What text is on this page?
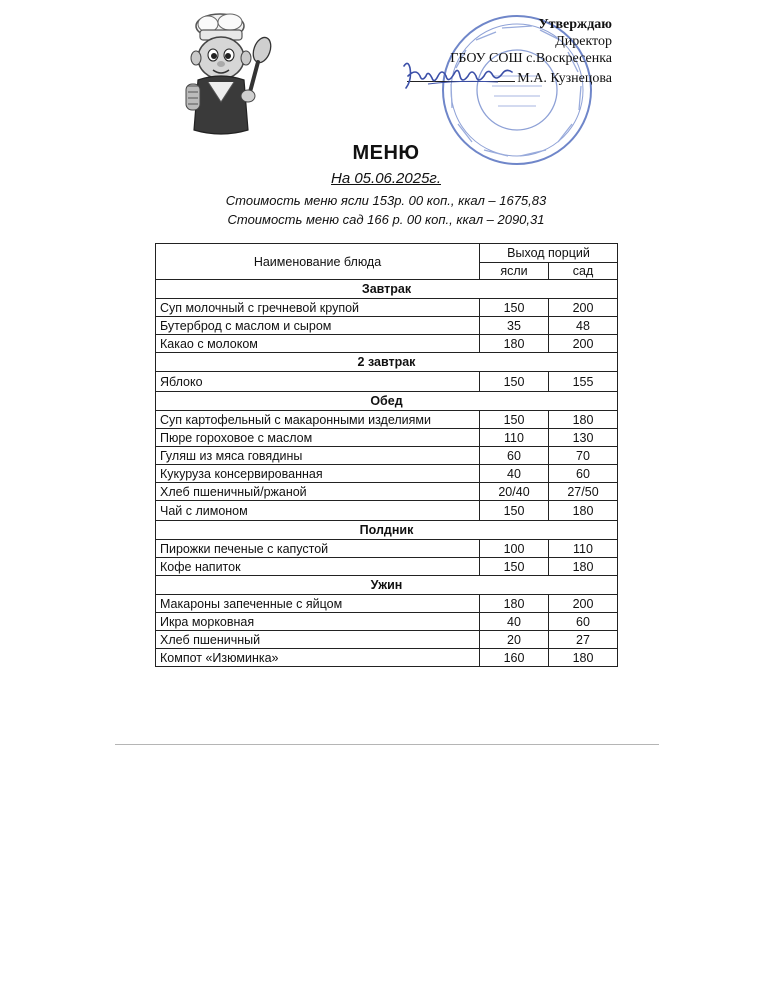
Утверждаю
Директор
ГБОУ СОШ с.Воскресенка
М.А. Кузнецова
МЕНЮ
На 05.06.2025г.
Стоимость меню ясли 153р. 00 коп., ккал – 1675,83
Стоимость меню сад 166 р. 00 коп., ккал – 2090,31
Наименование блюда	Выход порций	
	ясли	сад
Завтрак		
Суп молочный с гречневой крупой	150	200
Бутерброд с маслом и сыром	35	48
Какао с молоком	180	200
2 завтрак		
Яблоко	150	155
Обед		
Суп картофельный с макаронными изделиями	150	180
Пюре гороховое с маслом	110	130
Гуляш из мяса говядины	60	70
Кукуруза консервированная	40	60
Хлеб пшеничный/ржаной	20/40	27/50
Чай с лимоном	150	180
Полдник		
Пирожки печеные с капустой	100	110
Кофе напиток	150	180
Ужин		
Макароны запеченные с яйцом	180	200
Икра морковная	40	60
Хлеб пшеничный	20	27
Компот «Изюминка»	160	180
